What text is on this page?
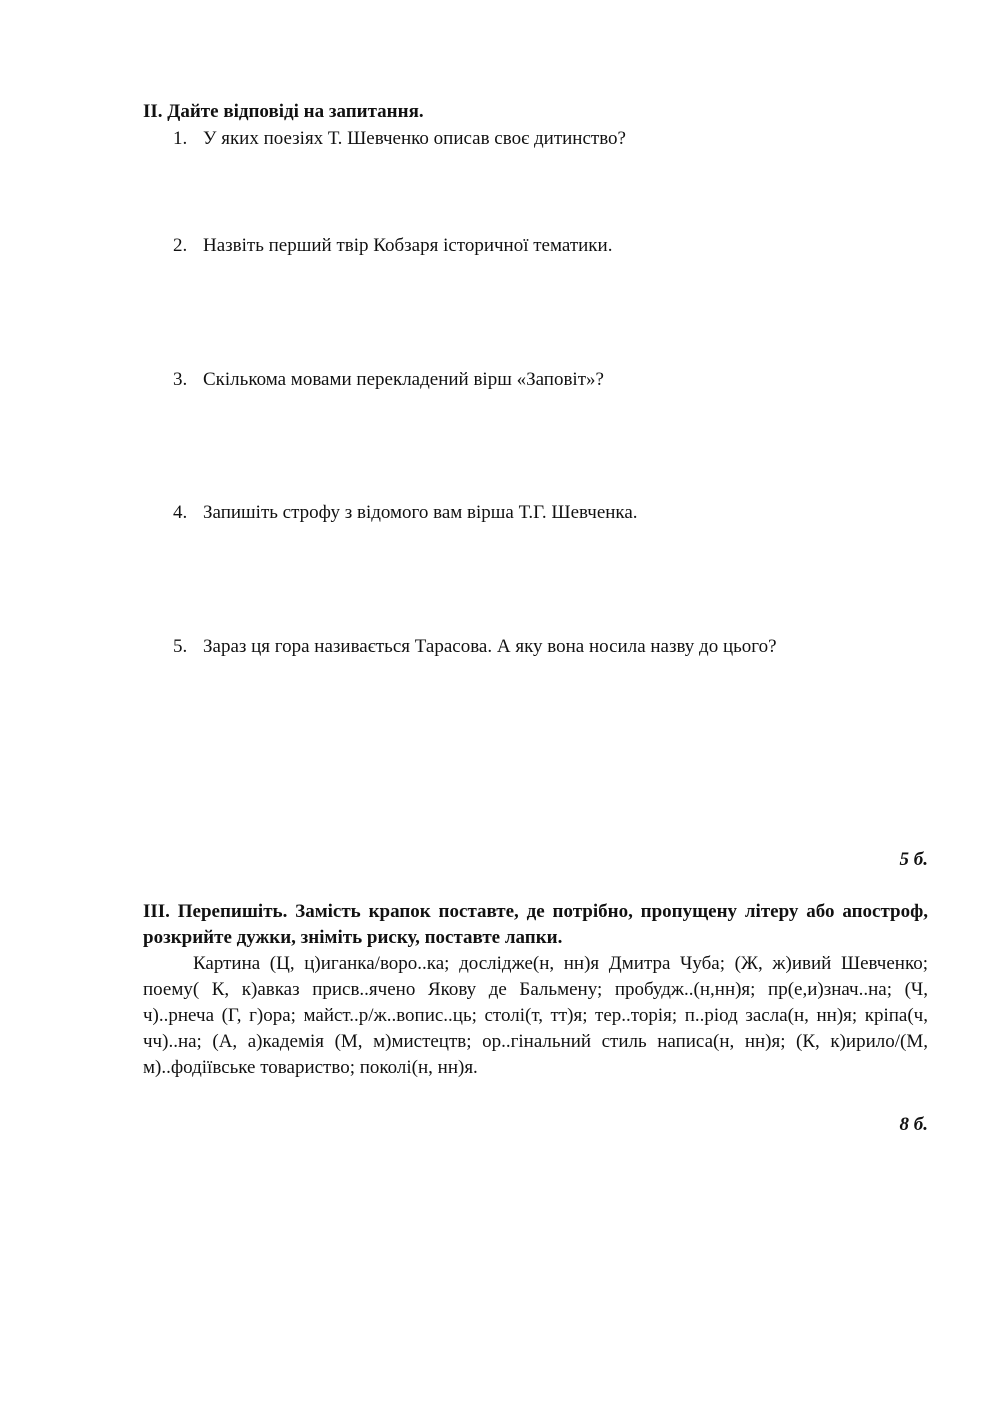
II. Дайте відповіді на запитання.
1. У яких поезіях Т. Шевченко описав своє дитинство?
2. Назвіть перший твір Кобзаря історичної тематики.
3. Скількома мовами перекладений вірш «Заповіт»?
4. Запишіть строфу з відомого вам вірша Т.Г. Шевченка.
5. Зараз ця гора називається Тарасова. А яку вона носила назву до цього?
5 б.
III. Перепишіть. Замість крапок поставте, де потрібно, пропущену літеру або апостроф, розкрийте дужки, зніміть риску, поставте лапки.

Картина (Ц, ц)иганка/воро..ка; дослідже(н, нн)я Дмитра Чуба; (Ж, ж)ивий Шевченко; поему( К, к)авказ присв..ячено Якову де Бальмену; пробудж..(н,нн)я; пр(е,и)знач..на; (Ч, ч)..рнеча (Г, г)ора; майст..р/ж..вопис..ць; столі(т, тт)я; тер..торія; п..ріод засла(н, нн)я; кріпа(ч, чч)..на; (А, а)кадемія (М, м)мистецтв; ор..гінальний стиль написа(н, нн)я; (К, к)ирило/(М, м)..фодіївське товариство; поколі(н, нн)я.

8 б.
